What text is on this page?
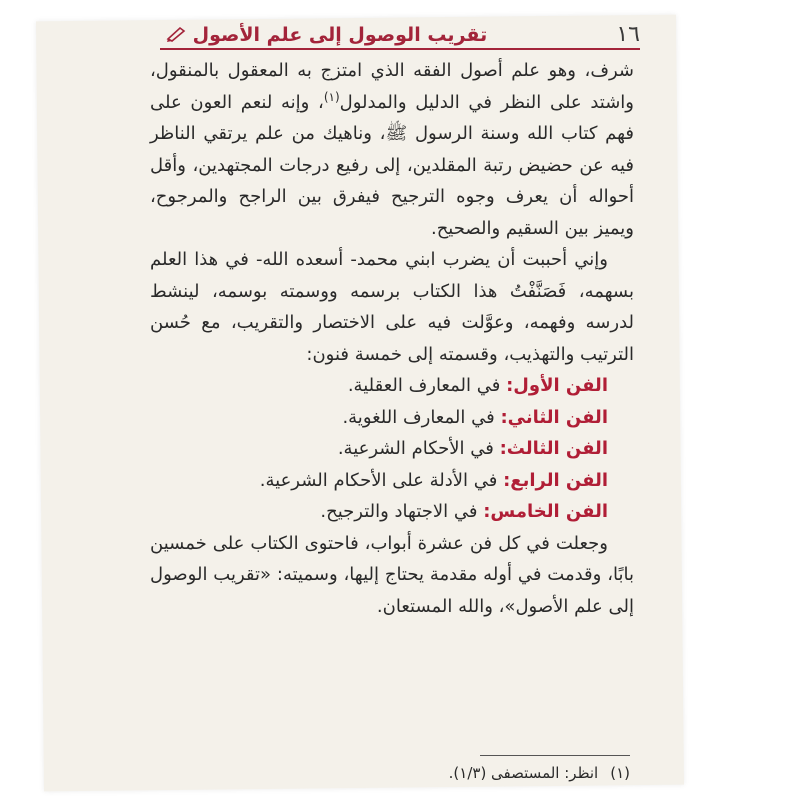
١٦
تقريب الوصول إلى علم الأصول

شرف، وهو علم أصول الفقه الذي امتزج به المعقول بالمنقول، واشتد على النظر في الدليل والمدلول$^{(١)}$، وإنه لنعم العون على فهم كتاب الله وسنة الرسول ﷺ، وناهيك من علم يرتقي الناظر فيه عن حضيض رتبة المقلدين، إلى رفيع درجات المجتهدين، وأقل أحواله أن يعرف وجوه الترجيح فيفرق بين الراجح والمرجوح، ويميز بين السقيم والصحيح.

وإني أحببت أن يضرب ابني محمد- أسعده الله- في هذا العلم بسهمه، فَصَنَّفْتُ هذا الكتاب برسمه ووسمته بوسمه، لينشط لدرسه وفهمه، وعوَّلت فيه على الاختصار والتقريب، مع حُسن الترتيب والتهذيب، وقسمته إلى خمسة فنون:

الفن الأول: في المعارف العقلية.
الفن الثاني: في المعارف اللغوية.
الفن الثالث: في الأحكام الشرعية.
الفن الرابع: في الأدلة على الأحكام الشرعية.
الفن الخامس: في الاجتهاد والترجيح.

وجعلت في كل فن عشرة أبواب، فاحتوى الكتاب على خمسين بابًا، وقدمت في أوله مقدمة يحتاج إليها، وسميته: «تقريب الوصول إلى علم الأصول»، والله المستعان.

(١)انظر: المستصفى (١/٣).
